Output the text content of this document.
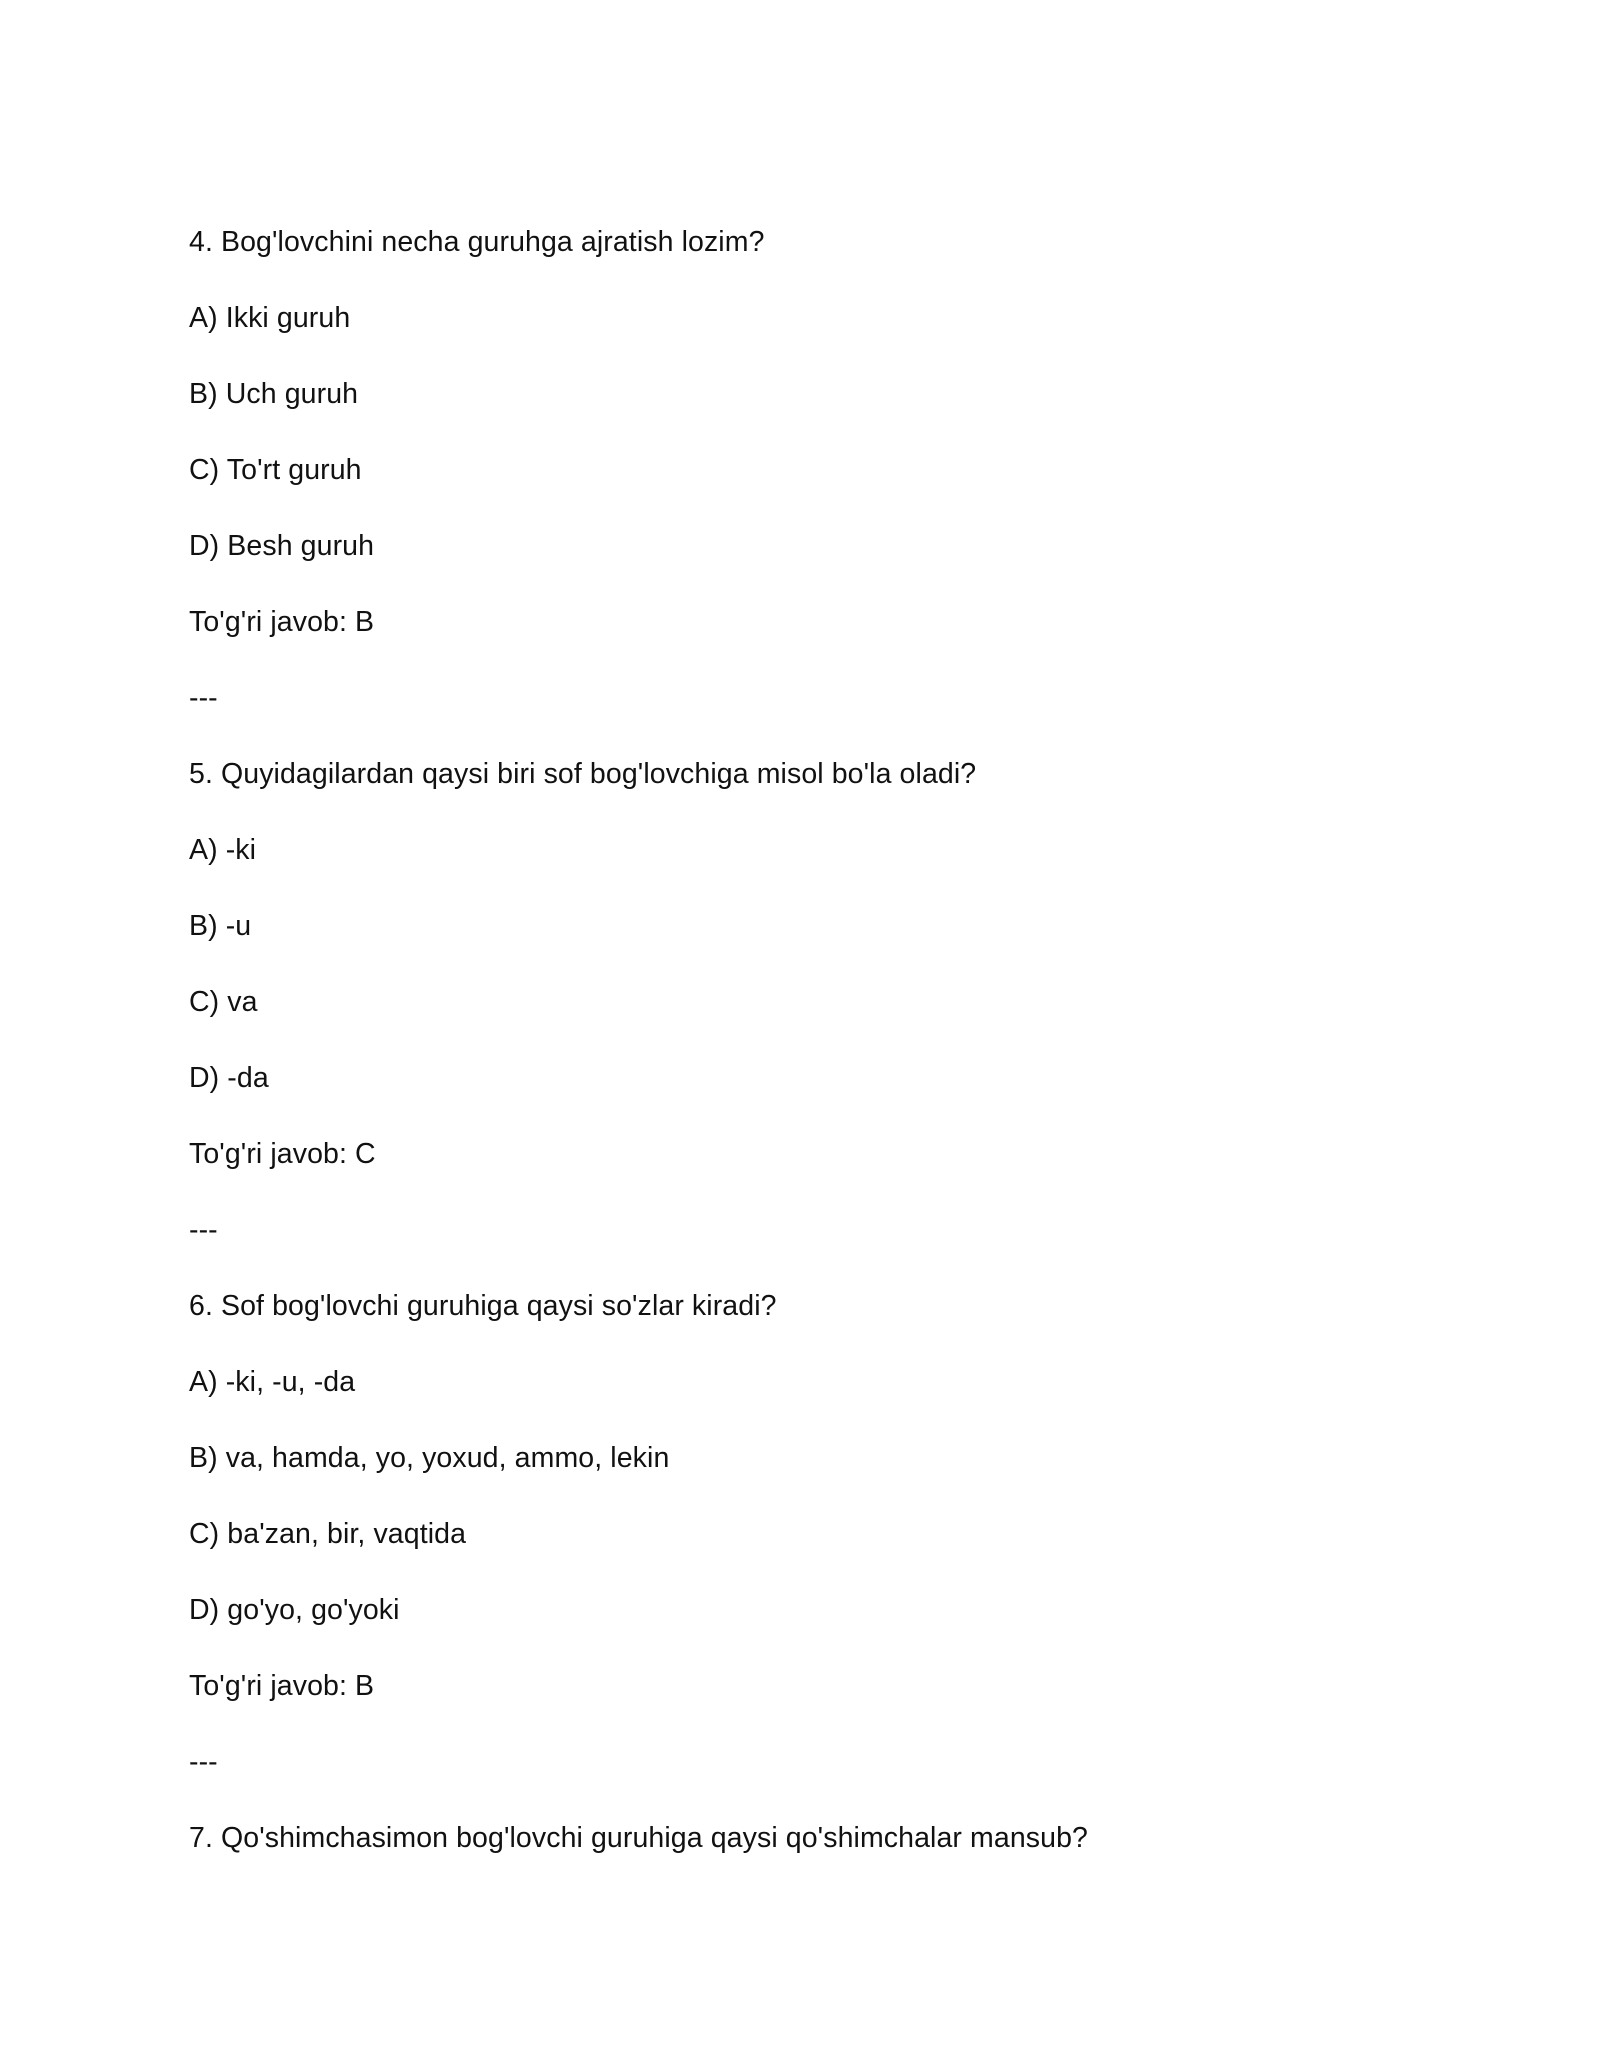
4. Bog'lovchini necha guruhga ajratish lozim?
A) Ikki guruh
B) Uch guruh
C) To'rt guruh
D) Besh guruh
To'g'ri javob: B
---
5. Quyidagilardan qaysi biri sof bog'lovchiga misol bo'la oladi?
A) -ki
B) -u
C) va
D) -da
To'g'ri javob: C
---
6. Sof bog'lovchi guruhiga qaysi so'zlar kiradi?
A) -ki, -u, -da
B) va, hamda, yo, yoxud, ammo, lekin
C) ba'zan, bir, vaqtida
D) go'yo, go'yoki
To'g'ri javob: B
---
7. Qo'shimchasimon bog'lovchi guruhiga qaysi qo'shimchalar mansub?
